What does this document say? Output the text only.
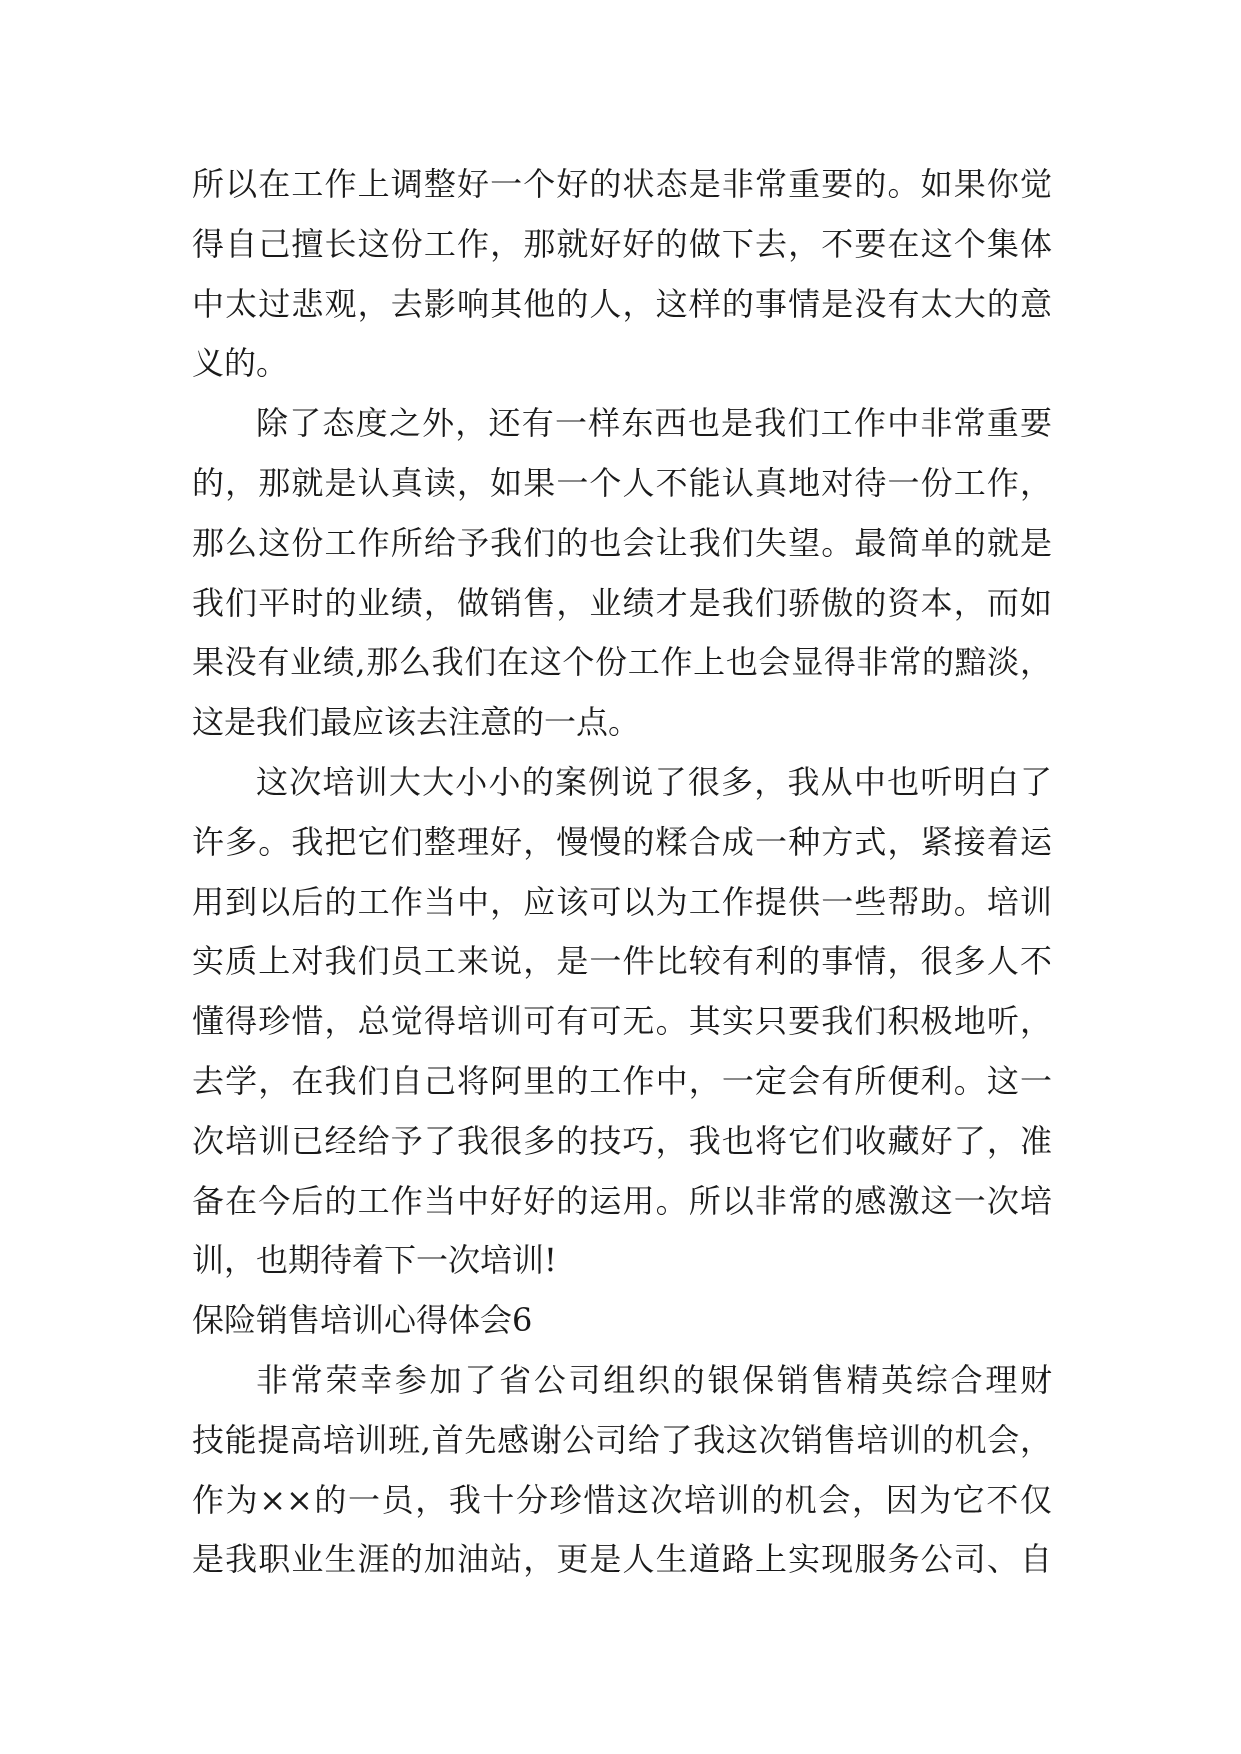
所以在工作上调整好一个好的状态是非常重要的。如果你觉
得自己擅长这份工作，那就好好的做下去，不要在这个集体
中太过悲观，去影响其他的人，这样的事情是没有太大的意
义的。
除了态度之外，还有一样东西也是我们工作中非常重要
的，那就是认真读，如果一个人不能认真地对待一份工作，
那么这份工作所给予我们的也会让我们失望。最简单的就是
我们平时的业绩，做销售，业绩才是我们骄傲的资本，而如
果没有业绩,那么我们在这个份工作上也会显得非常的黯淡，
这是我们最应该去注意的一点。
这次培训大大小小的案例说了很多，我从中也听明白了
许多。我把它们整理好，慢慢的糅合成一种方式，紧接着运
用到以后的工作当中，应该可以为工作提供一些帮助。培训
实质上对我们员工来说，是一件比较有利的事情，很多人不
懂得珍惜，总觉得培训可有可无。其实只要我们积极地听，
去学，在我们自己将阿里的工作中，一定会有所便利。这一
次培训已经给予了我很多的技巧，我也将它们收藏好了，准
备在今后的工作当中好好的运用。所以非常的感激这一次培
训，也期待着下一次培训!
保险销售培训心得体会6
非常荣幸参加了省公司组织的银保销售精英综合理财
技能提高培训班,首先感谢公司给了我这次销售培训的机会，
作为××的一员，我十分珍惜这次培训的机会，因为它不仅
是我职业生涯的加油站，更是人生道路上实现服务公司、自
